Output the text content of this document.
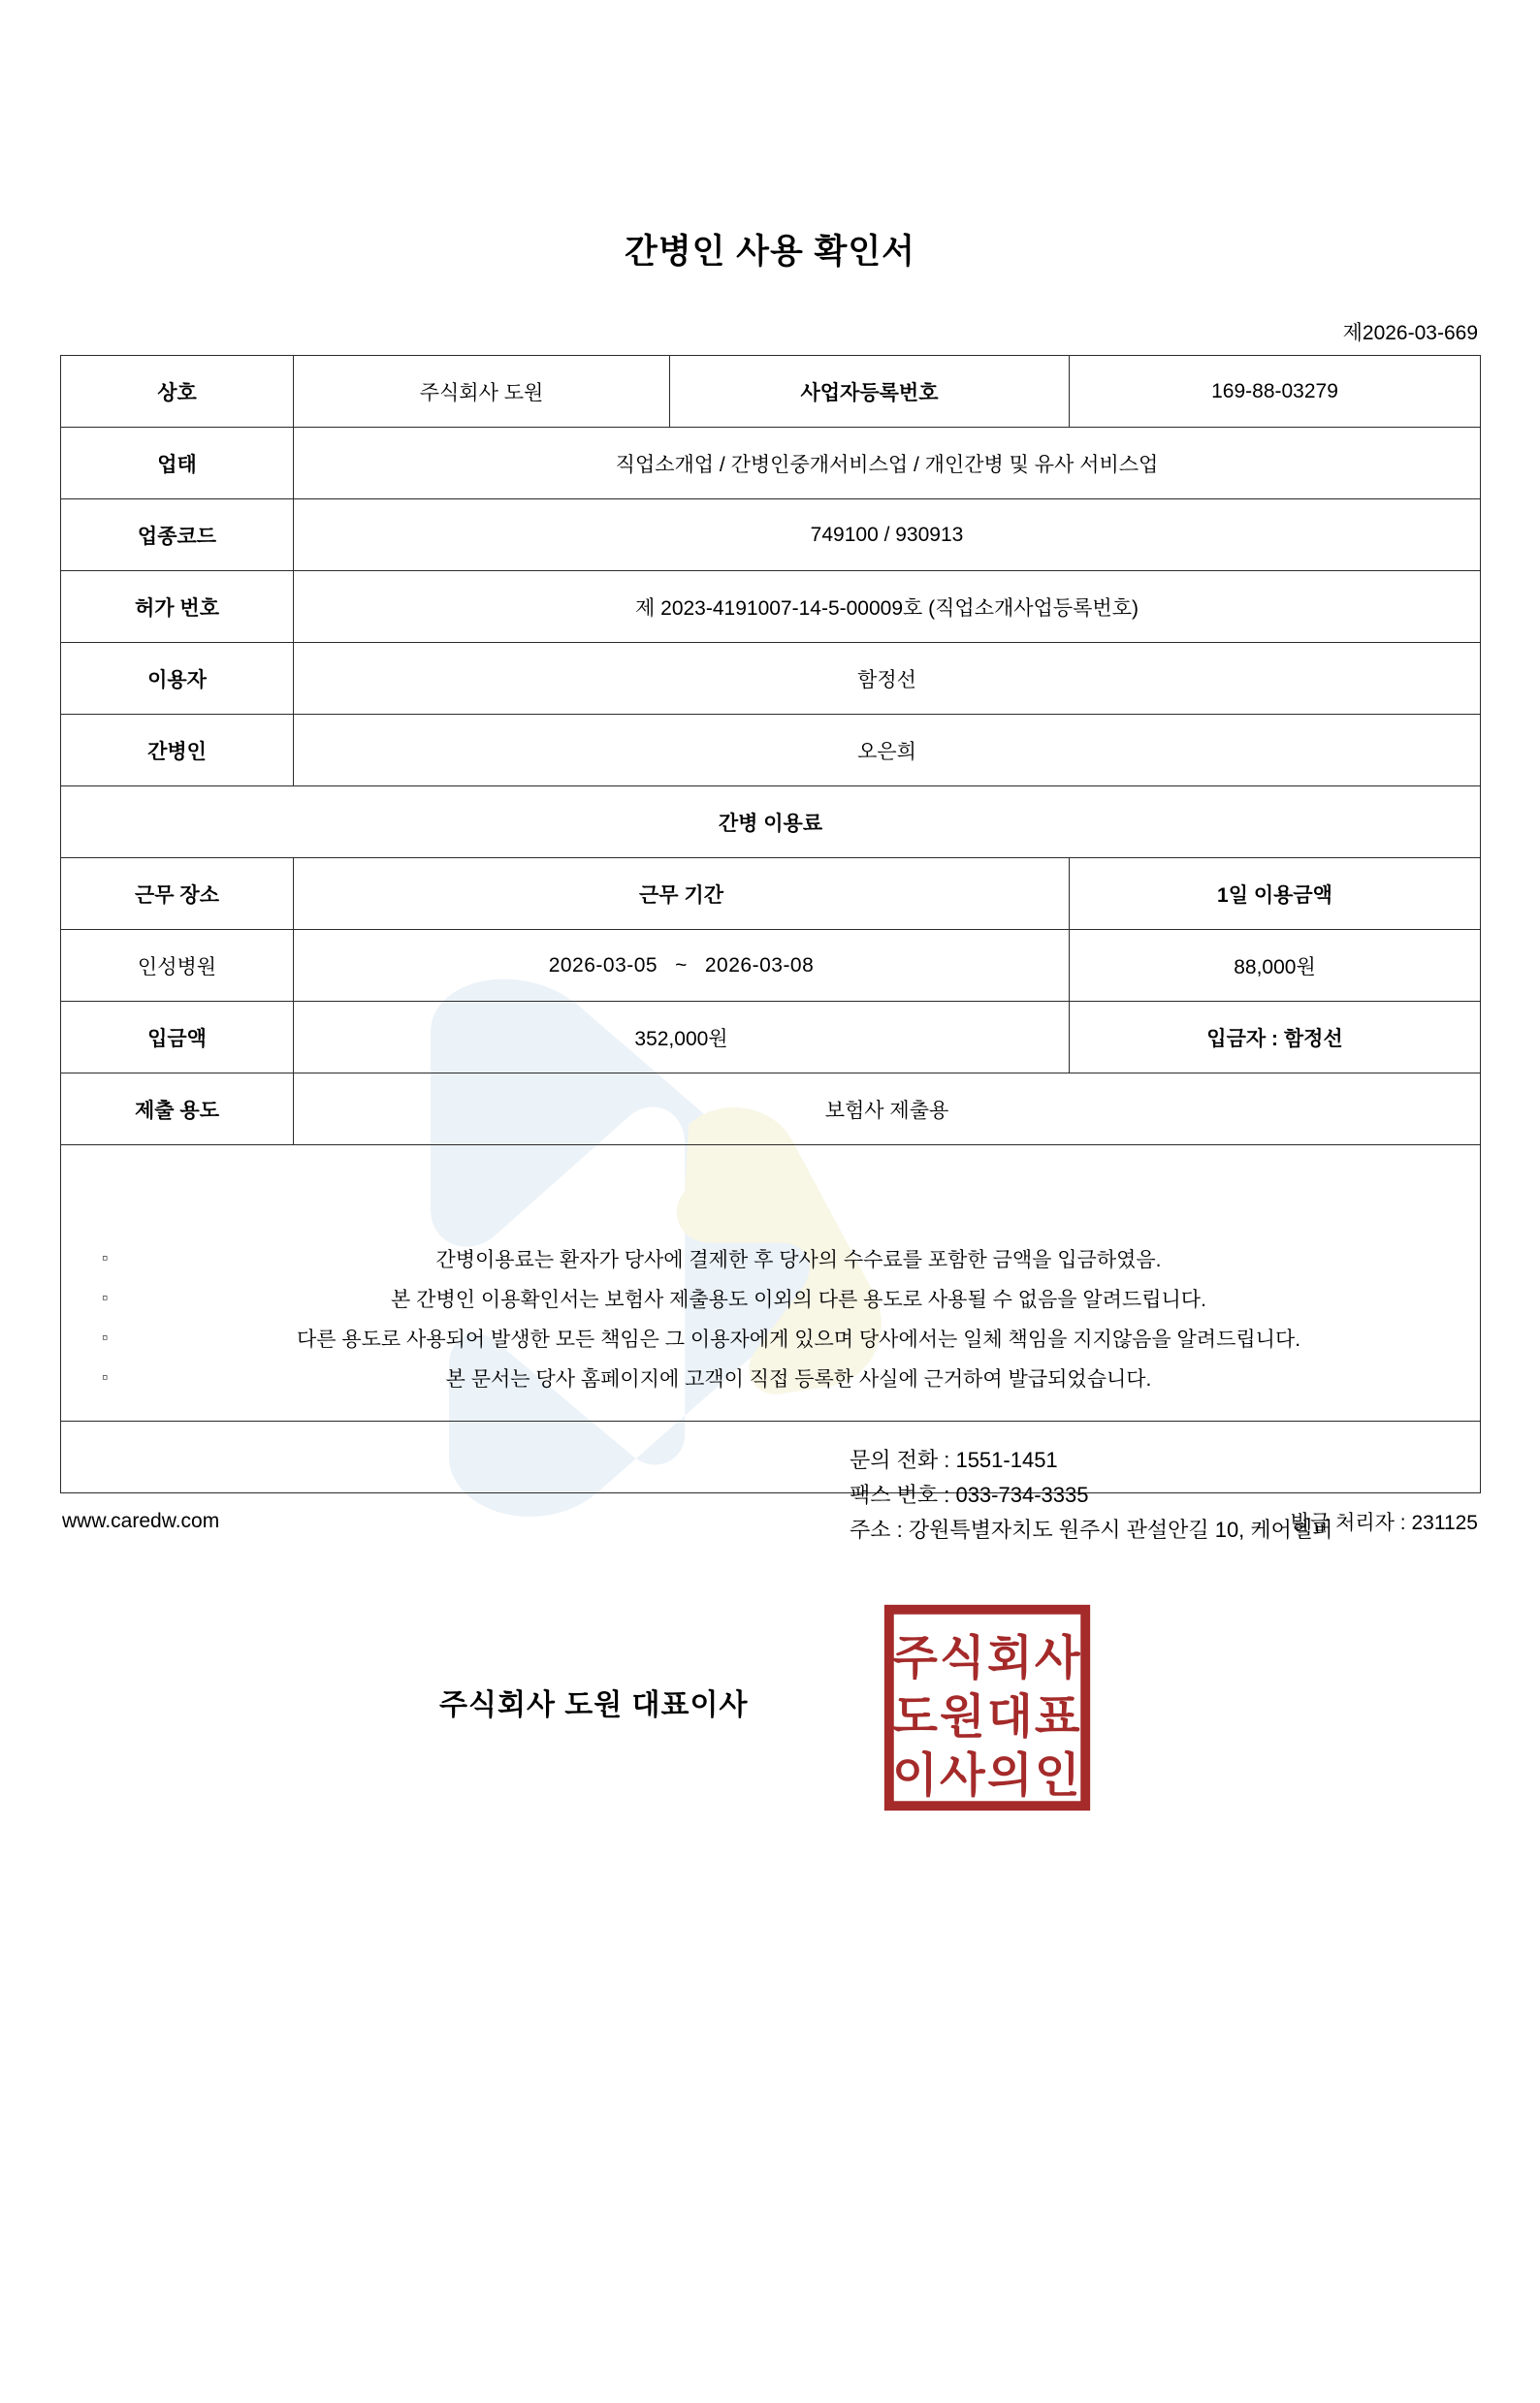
간병인 사용 확인서
제2026-03-669
상호	주식회사 도원	사업자등록번호	169-88-03279
업태	직업소개업 / 간병인중개서비스업 / 개인간병 및 유사 서비스업		
업종코드	749100 / 930913		
허가 번호	제 2023-4191007-14-5-00009호 (직업소개사업등록번호)		
이용자	함정선		
간병인	오은희		
간병 이용료			
근무 장소	근무 기간		1일 이용금액
인성병원	2026-03-05 ~ 2026-03-08		88,000원
입금액	352,000원		입금자 : 함정선
제출 용도	보험사 제출용		

▫ 간병이용료는 환자가 당사에 결제한 후 당사의 수수료를 포함한 금액을 입금하였음.
▫ 본 간병인 이용확인서는 보험사 제출용도 이외의 다른 용도로 사용될 수 없음을 알려드립니다.
▫ 다른 용도로 사용되어 발생한 모든 책임은 그 이용자에게 있으며 당사에서는 일체 책임을 지지않음을 알려드립니다.
▫ 본 문서는 당사 홈페이지에 고객이 직접 등록한 사실에 근거하여 발급되었습니다.

문의 전화 : 1551-1451
팩스 번호 : 033-734-3335
주소 : 강원특별자치도 원주시 관설안길 10, 케어헬퍼
주식회사 도원 대표이사
주식회사
도원대표
이사의인
www.caredw.com	발급 처리자 : 231125
